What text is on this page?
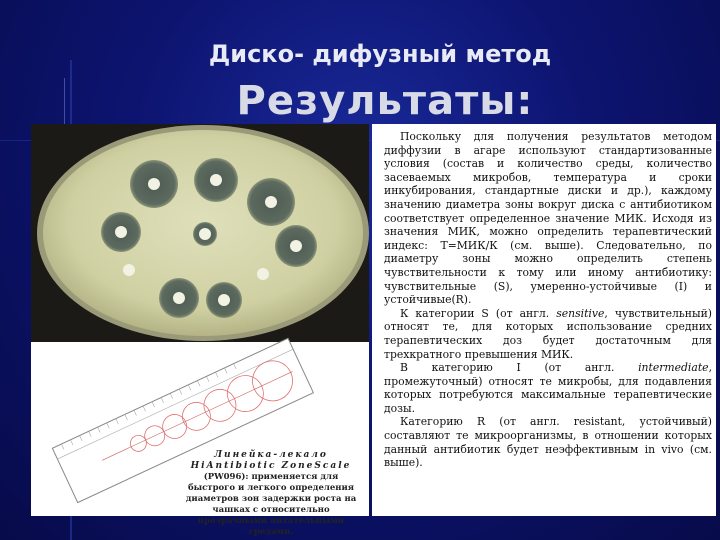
Диско- дифузный метод
Результаты:
Линейка-лекало
HiAntibiotic ZoneScale
(PW096): применяется для быстрого и легкого определения диаметров зон задержки роста на чашках с относительно прозрачными питательными средами.

Поскольку для получения результатов методом диффузии в агаре используют стандартизованные условия (состав и количество среды, количество засеваемых микробов, температура и сроки инкубирования, стандартные диски и др.), каждому значению диаметра зоны вокруг диска с антибиотиком соответствует определенное значение МИК. Исходя из значения МИК, можно определить терапевтический индекс: Т=МИК/К (см. выше). Следовательно, по диаметру зоны можно определить степень чувствительности к тому или иному антибиотику: чувствительные (S), умеренно-устойчивые (I) и устойчивые(R).

К категории S (от англ. sensitive, чувствительный) относят те, для которых использование средних терапевтических доз будет достаточным для трехкратного превышения МИК.

В категорию I (от англ. intermediate, промежуточный) относят те микробы, для подавления которых потребуются максимальные терапевтические дозы.

Категорию R (от англ. resistant, устойчивый) составляют те микроорганизмы, в отношении которых данный антибиотик будет неэффективным in vivo (см. выше).
